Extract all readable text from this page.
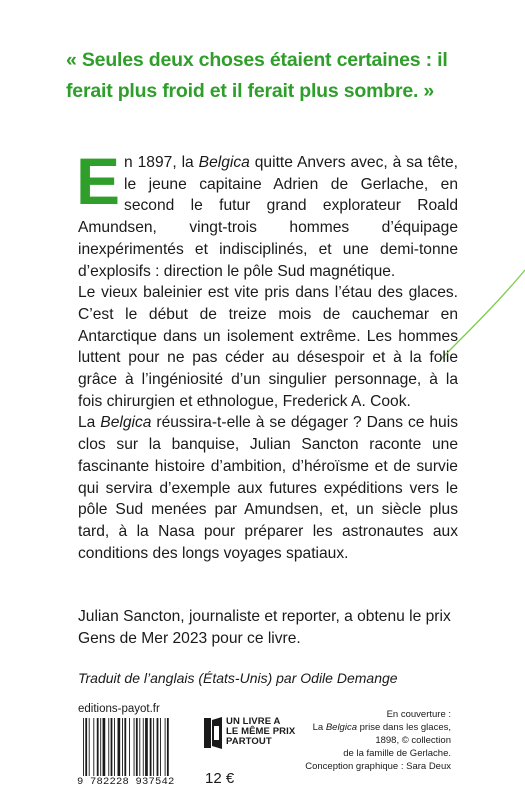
« Seules deux choses étaient certaines : il ferait plus froid et il ferait plus sombre. »

En 1897, la Belgica quitte Anvers avec, à sa tête, le jeune capitaine Adrien de Gerlache, en second le futur grand explorateur Roald Amundsen, vingt-trois hommes d’équipage inexpérimentés et indisciplinés, et une demi-tonne d’explosifs : direction le pôle Sud magnétique.

Le vieux baleinier est vite pris dans l’étau des glaces. C’est le début de treize mois de cauchemar en Antarctique dans un isolement extrême. Les hommes luttent pour ne pas céder au désespoir et à la folie grâce à l’ingéniosité d’un singulier personnage, à la fois chirurgien et ethnologue, Frederick A. Cook.

La Belgica réussira-t-elle à se dégager ? Dans ce huis clos sur la banquise, Julian Sancton raconte une fascinante histoire d’ambition, d’héroïsme et de survie qui servira d’exemple aux futures expéditions vers le pôle Sud menées par Amundsen, et, un siècle plus tard, à la Nasa pour préparer les astronautes aux conditions des longs voyages spatiaux.

Julian Sancton, journaliste et reporter, a obtenu le prix Gens de Mer 2023 pour ce livre.
Traduit de l’anglais (États-Unis) par Odile Demange
editions-payot.fr
9 782228 937542
UN LIVRE A
LE MÊME PRIX
PARTOUT
12 €
En couverture :
La Belgica prise dans les glaces,
1898, © collection
de la famille de Gerlache.
Conception graphique : Sara Deux
